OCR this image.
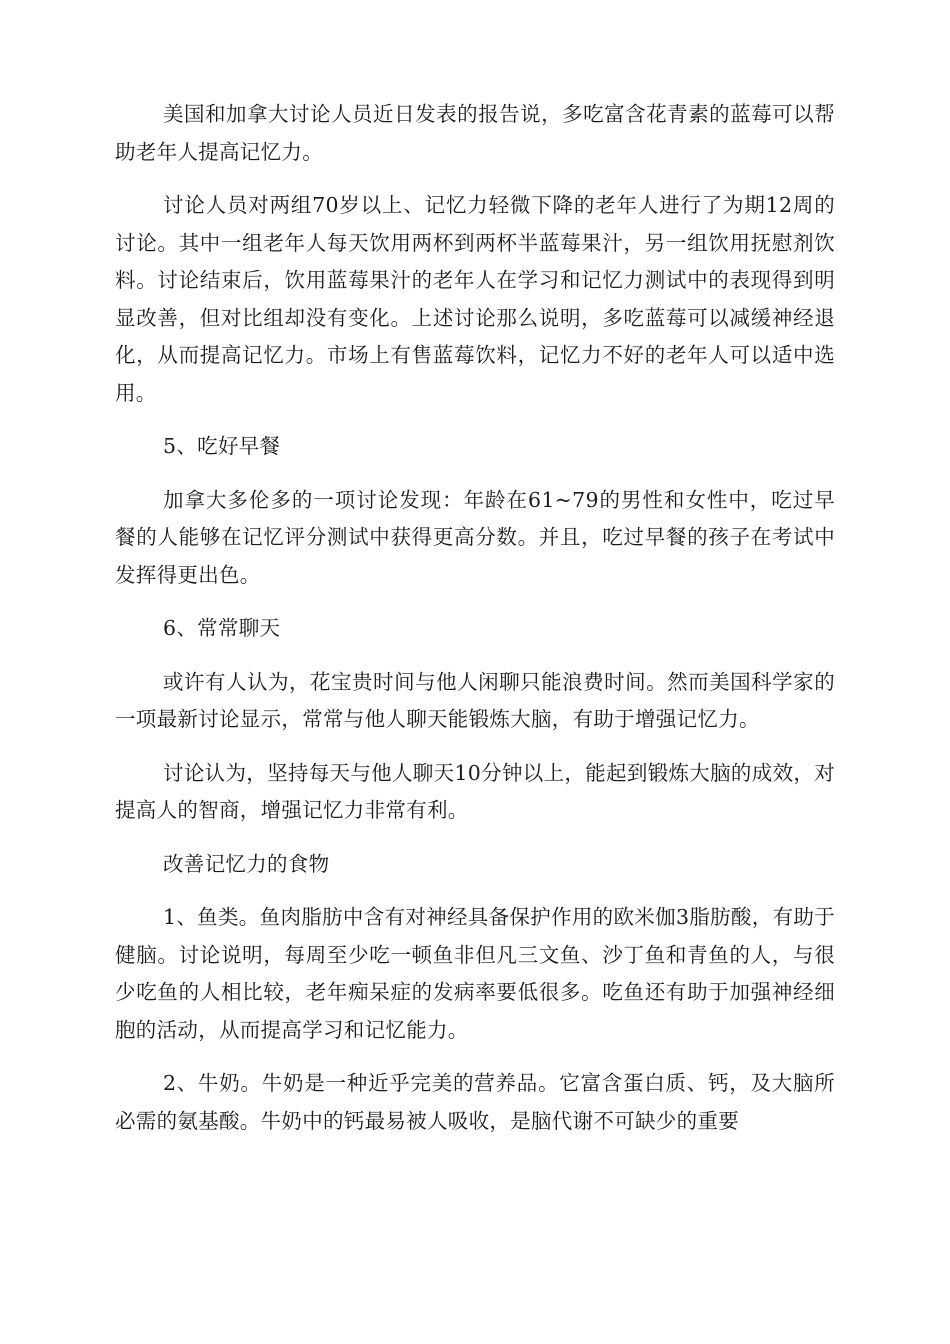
美国和加拿大讨论人员近日发表的报告说，多吃富含花青素的蓝莓可以帮助老年人提高记忆力。

讨论人员对两组70岁以上、记忆力轻微下降的老年人进行了为期12周的讨论。其中一组老年人每天饮用两杯到两杯半蓝莓果汁，另一组饮用抚慰剂饮料。讨论结束后，饮用蓝莓果汁的老年人在学习和记忆力测试中的表现得到明显改善，但对比组却没有变化。上述讨论那么说明，多吃蓝莓可以减缓神经退化，从而提高记忆力。市场上有售蓝莓饮料，记忆力不好的老年人可以适中选用。

5、吃好早餐

加拿大多伦多的一项讨论发现：年龄在61~79的男性和女性中，吃过早餐的人能够在记忆评分测试中获得更高分数。并且，吃过早餐的孩子在考试中发挥得更出色。

6、常常聊天

或许有人认为，花宝贵时间与他人闲聊只能浪费时间。然而美国科学家的一项最新讨论显示，常常与他人聊天能锻炼大脑，有助于增强记忆力。

讨论认为，坚持每天与他人聊天10分钟以上，能起到锻炼大脑的成效，对提高人的智商，增强记忆力非常有利。

改善记忆力的食物

1、鱼类。鱼肉脂肪中含有对神经具备保护作用的欧米伽3脂肪酸，有助于健脑。讨论说明，每周至少吃一顿鱼非但凡三文鱼、沙丁鱼和青鱼的人，与很少吃鱼的人相比较，老年痴呆症的发病率要低很多。吃鱼还有助于加强神经细胞的活动，从而提高学习和记忆能力。

2、牛奶。牛奶是一种近乎完美的营养品。它富含蛋白质、钙，及大脑所必需的氨基酸。牛奶中的钙最易被人吸收，是脑代谢不可缺少的重要
